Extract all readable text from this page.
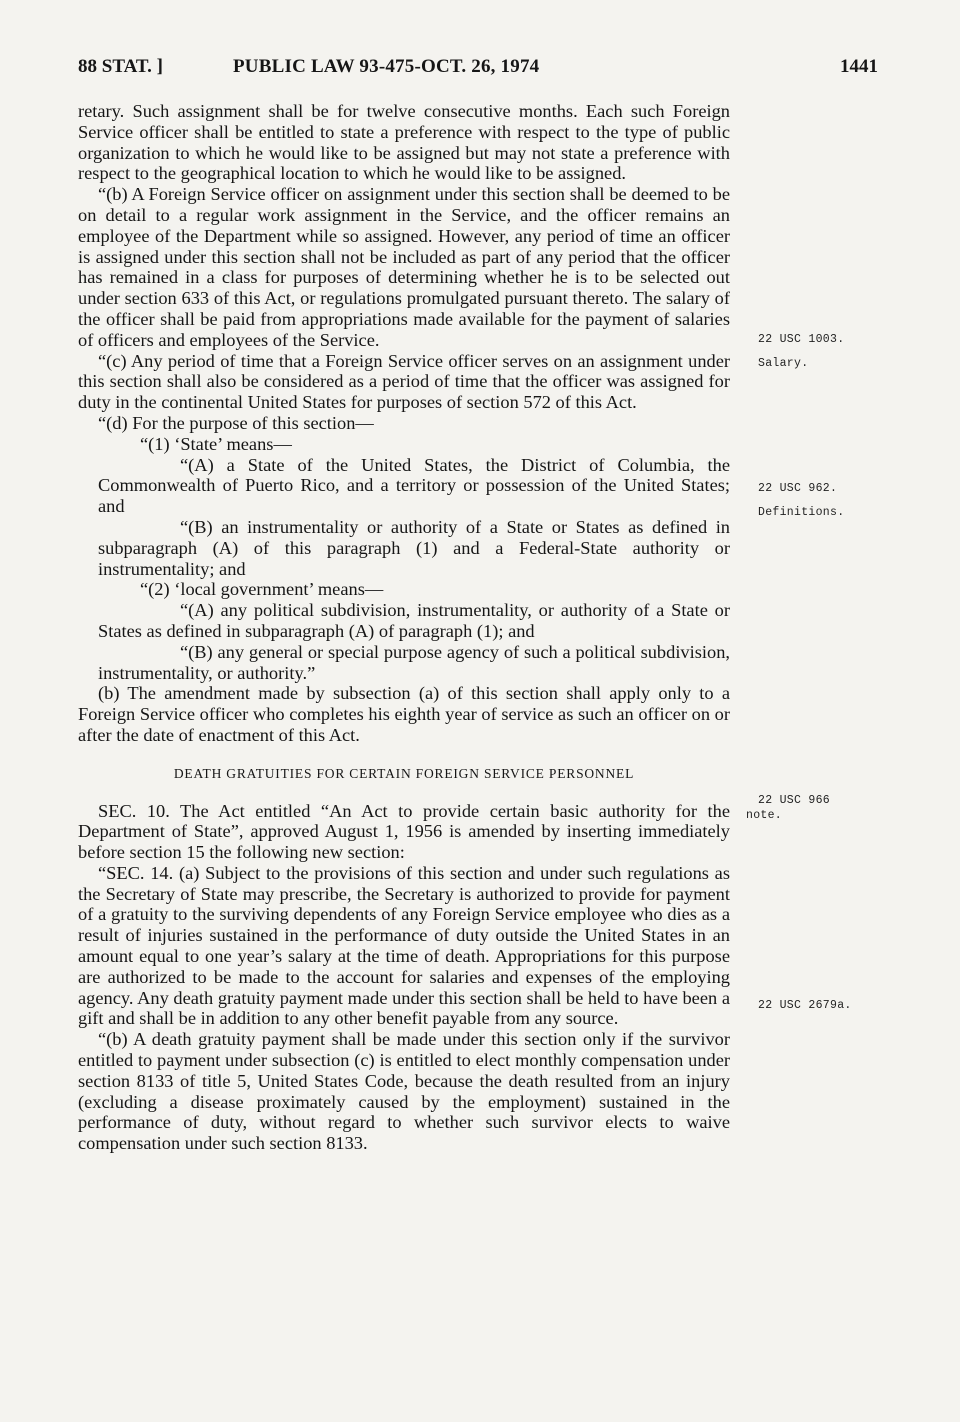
88 STAT. ]	PUBLIC LAW 93-475-OCT. 26, 1974	1441

retary. Such assignment shall be for twelve consecutive months. Each such Foreign Service officer shall be entitled to state a preference with respect to the type of public organization to which he would like to be assigned but may not state a preference with respect to the geographical location to which he would like to be assigned.

“(b) A Foreign Service officer on assignment under this section shall be deemed to be on detail to a regular work assignment in the Service, and the officer remains an employee of the Department while so assigned. However, any period of time an officer is assigned under this section shall not be included as part of any period that the officer has remained in a class for purposes of determining whether he is to be selected out under section 633 of this Act, or regulations promulgated pursuant thereto. The salary of the officer shall be paid from appropriations made available for the payment of salaries of officers and employees of the Service.

“(c) Any period of time that a Foreign Service officer serves on an assignment under this section shall also be considered as a period of time that the officer was assigned for duty in the continental United States for purposes of section 572 of this Act.

“(d) For the purpose of this section—

“(1) ‘State’ means—

“(A) a State of the United States, the District of Columbia, the Commonwealth of Puerto Rico, and a territory or possession of the United States; and

“(B) an instrumentality or authority of a State or States as defined in subparagraph (A) of this paragraph (1) and a Federal-State authority or instrumentality; and

“(2) ‘local government’ means—

“(A) any political subdivision, instrumentality, or authority of a State or States as defined in subparagraph (A) of paragraph (1); and

“(B) any general or special purpose agency of such a political subdivision, instrumentality, or authority.”

(b) The amendment made by subsection (a) of this section shall apply only to a Foreign Service officer who completes his eighth year of service as such an officer on or after the date of enactment of this Act.

DEATH GRATUITIES FOR CERTAIN FOREIGN SERVICE PERSONNEL

SEC. 10. The Act entitled “An Act to provide certain basic authority for the Department of State”, approved August 1, 1956 is amended by inserting immediately before section 15 the following new section:

“SEC. 14. (a) Subject to the provisions of this section and under such regulations as the Secretary of State may prescribe, the Secretary is authorized to provide for payment of a gratuity to the surviving dependents of any Foreign Service employee who dies as a result of injuries sustained in the performance of duty outside the United States in an amount equal to one year’s salary at the time of death. Appropriations for this purpose are authorized to be made to the account for salaries and expenses of the employing agency. Any death gratuity payment made under this section shall be held to have been a gift and shall be in addition to any other benefit payable from any source.

“(b) A death gratuity payment shall be made under this section only if the survivor entitled to payment under subsection (c) is entitled to elect monthly compensation under section 8133 of title 5, United States Code, because the death resulted from an injury (excluding a disease proximately caused by the employment) sustained in the performance of duty, without regard to whether such survivor elects to waive compensation under such section 8133.

22 USC 1003.
Salary.
22 USC 962.
Definitions.
22 USC 966
note.
22 USC 2679a.
